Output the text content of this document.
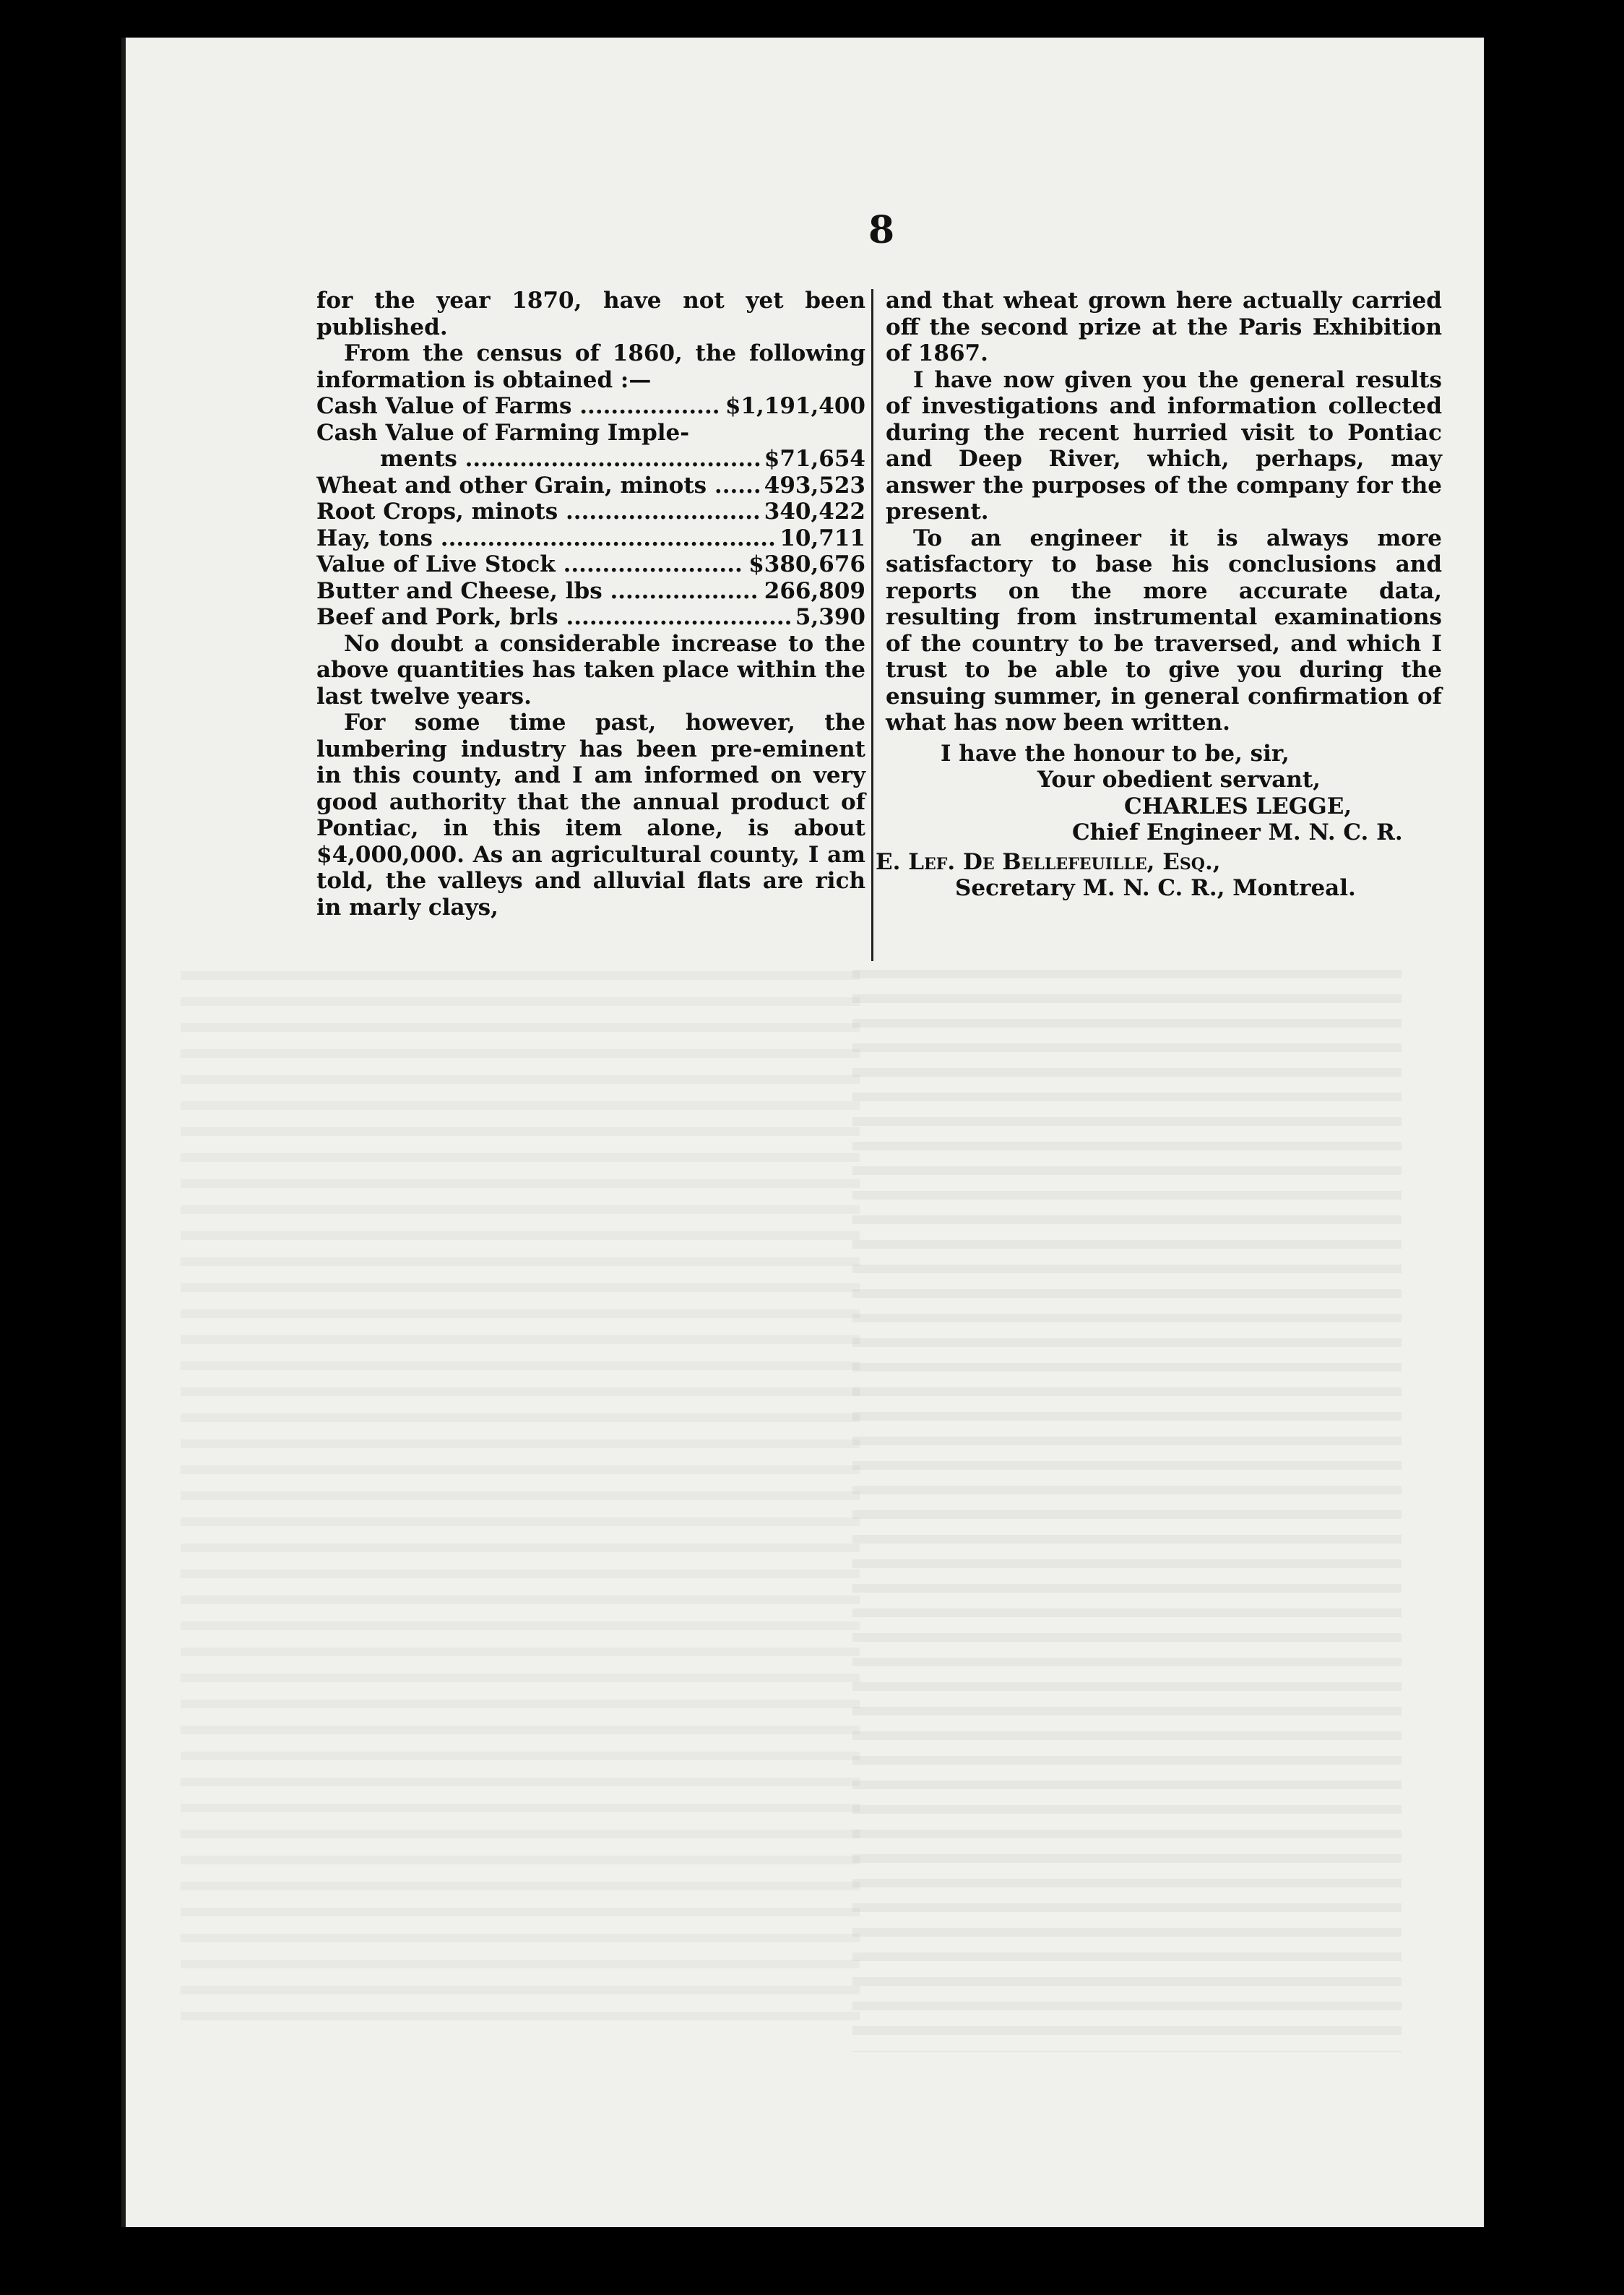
8

for the year 1870, have not yet been published.

From the census of 1860, the following information is obtained :—

Cash Value of Farms .....	$1,191,400
Cash Value of Farming Imple-
ments .....	$71,654
Wheat and other Grain, minots .....	493,523
Root Crops, minots .....	340,422
Hay, tons .....	10,711
Value of Live Stock .....	$380,676
Butter and Cheese, lbs .....	266,809
Beef and Pork, brls .....	5,390

No doubt a considerable increase to the above quantities has taken place within the last twelve years.

For some time past, however, the lumbering industry has been pre-eminent in this county, and I am informed on very good authority that the annual product of Pontiac, in this item alone, is about $4,000,000. As an agricultural county, I am told, the valleys and alluvial flats are rich in marly clays,

and that wheat grown here actually carried off the second prize at the Paris Exhibition of 1867.

I have now given you the general results of investigations and information collected during the recent hurried visit to Pontiac and Deep River, which, perhaps, may answer the purposes of the company for the present.

To an engineer it is always more satisfactory to base his conclusions and reports on the more accurate data, resulting from instrumental examinations of the country to be traversed, and which I trust to be able to give you during the ensuing summer, in general confirmation of what has now been written.

I have the honour to be, sir,
Your obedient servant,
CHARLES LEGGE,
Chief Engineer M. N. C. R.
E. Lef. De Bellefeuille, Esq.,
Secretary M. N. C. R., Montreal.
